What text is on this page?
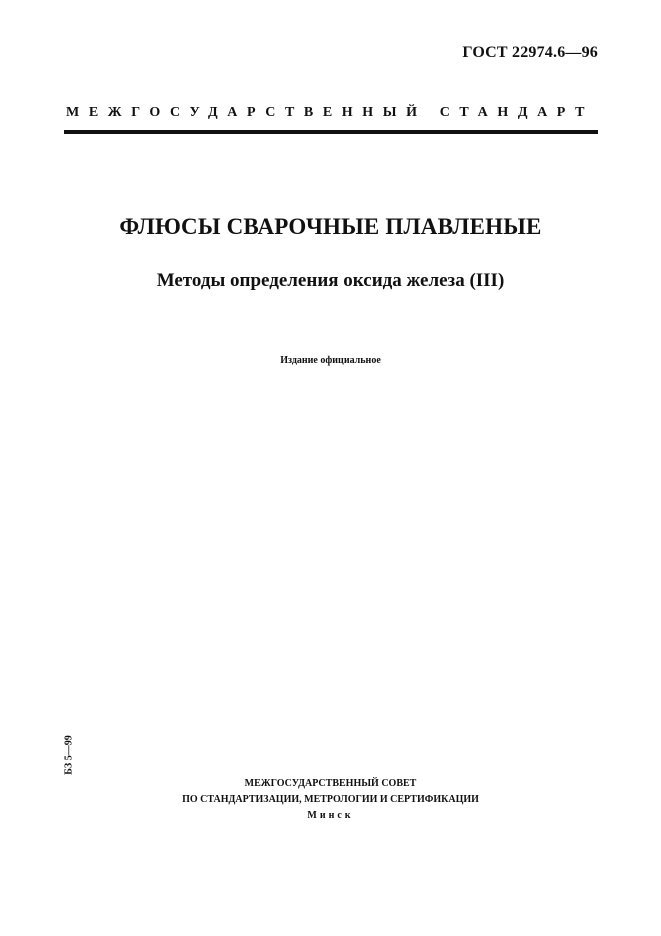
ГОСТ 22974.6—96
МЕЖГОСУДАРСТВЕННЫЙ СТАНДАРТ
ФЛЮСЫ СВАРОЧНЫЕ ПЛАВЛЕНЫЕ
Методы определения оксида железа (III)
Издание официальное
БЗ 5—99
МЕЖГОСУДАРСТВЕННЫЙ СОВЕТ
ПО СТАНДАРТИЗАЦИИ, МЕТРОЛОГИИ И СЕРТИФИКАЦИИ
Минск
